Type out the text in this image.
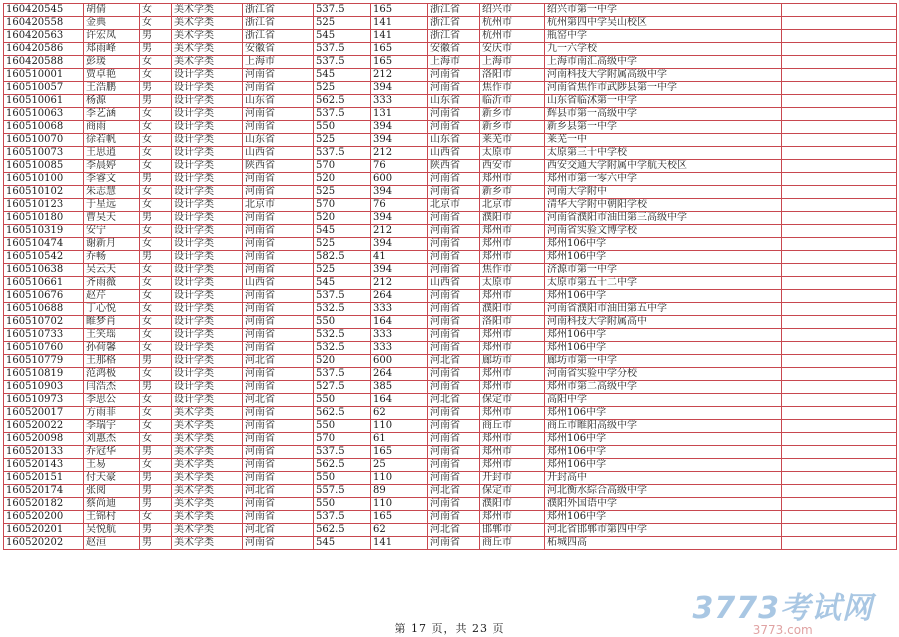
160420545	胡倩	女	美术学类	浙江省	537.5	165	浙江省	绍兴市	绍兴市第一中学	
160420558	金典	女	美术学类	浙江省	525	141	浙江省	杭州市	杭州第四中学吴山校区	
160420563	许宏凤	男	美术学类	浙江省	545	141	浙江省	杭州市	瓶窑中学	
160420586	郑雨峰	男	美术学类	安徽省	537.5	165	安徽省	安庆市	九一六学校	
160420588	彭瑗	女	美术学类	上海市	537.5	165	上海市	上海市	上海市南汇高级中学	
160510001	贾卓艳	女	设计学类	河南省	545	212	河南省	洛阳市	河南科技大学附属高级中学	
160510057	王浩鹏	男	设计学类	河南省	525	394	河南省	焦作市	河南省焦作市武陟县第一中学	
160510061	杨源	男	设计学类	山东省	562.5	333	山东省	临沂市	山东省临沭第一中学	
160510063	李艺涵	女	设计学类	河南省	537.5	131	河南省	新乡市	辉县市第一高级中学	
160510068	商雨	女	设计学类	河南省	550	394	河南省	新乡市	新乡县第一中学	
160510070	徐若帆	女	设计学类	山东省	525	394	山东省	莱芜市	莱芜一中	
160510073	王思逍	女	设计学类	山西省	537.5	212	山西省	太原市	太原第三十中学校	
160510085	李晨婷	女	设计学类	陕西省	570	76	陕西省	西安市	西安交通大学附属中学航天校区	
160510100	李睿文	男	设计学类	河南省	520	600	河南省	郑州市	郑州市第一零六中学	
160510102	朱志慧	女	设计学类	河南省	525	394	河南省	新乡市	河南大学附中	
160510123	于星远	女	设计学类	北京市	570	76	北京市	北京市	清华大学附中朝阳学校	
160510180	曹昊天	男	设计学类	河南省	520	394	河南省	濮阳市	河南省濮阳市油田第三高级中学	
160510319	安宁	女	设计学类	河南省	545	212	河南省	郑州市	河南省实验文博学校	
160510474	谢新月	女	设计学类	河南省	525	394	河南省	郑州市	郑州106中学	
160510542	乔畅	男	设计学类	河南省	582.5	41	河南省	郑州市	郑州106中学	
160510638	吴云天	女	设计学类	河南省	525	394	河南省	焦作市	济源市第一中学	
160510661	齐雨薇	女	设计学类	山西省	545	212	山西省	太原市	太原市第五十二中学	
160510676	赵芹	女	设计学类	河南省	537.5	264	河南省	郑州市	郑州106中学	
160510688	丁心悦	女	设计学类	河南省	532.5	333	河南省	濮阳市	河南省濮阳市油田第五中学	
160510702	睢梦肖	女	设计学类	河南省	550	164	河南省	洛阳市	河南科技大学附属高中	
160510733	王笑瑶	女	设计学类	河南省	532.5	333	河南省	郑州市	郑州106中学	
160510760	孙荷馨	女	设计学类	河南省	532.5	333	河南省	郑州市	郑州106中学	
160510779	王那格	男	设计学类	河北省	520	600	河北省	廊坊市	廊坊市第一中学	
160510819	范鸿极	女	设计学类	河南省	537.5	264	河南省	郑州市	河南省实验中学分校	
160510903	闫浩杰	男	设计学类	河南省	527.5	385	河南省	郑州市	郑州市第二高级中学	
160510973	李思公	女	设计学类	河北省	550	164	河北省	保定市	高阳中学	
160520017	方雨菲	女	美术学类	河南省	562.5	62	河南省	郑州市	郑州106中学	
160520022	李瑞宇	女	美术学类	河南省	550	110	河南省	商丘市	商丘市睢阳高级中学	
160520098	刘惠杰	女	美术学类	河南省	570	61	河南省	郑州市	郑州106中学	
160520133	乔冠华	男	美术学类	河南省	537.5	165	河南省	郑州市	郑州106中学	
160520143	王易	女	美术学类	河南省	562.5	25	河南省	郑州市	郑州106中学	
160520151	付天豪	男	美术学类	河南省	550	110	河南省	开封市	开封高中	
160520174	张阅	男	美术学类	河北省	557.5	89	河北省	保定市	河北衡水綜合高级中学	
160520182	蔡尚迪	男	美术学类	河南省	550	110	河南省	濮阳市	濮阳外国语中学	
160520200	王锦村	女	美术学类	河南省	537.5	165	河南省	郑州市	郑州106中学	
160520201	吴悦航	男	美术学类	河北省	562.5	62	河北省	邯郸市	河北省邯郸市第四中学	
160520202	赵洹	男	美术学类	河南省	545	141	河南省	商丘市	柘城四高	
第 17 页，共 23 页
3773考试网
3773.com
